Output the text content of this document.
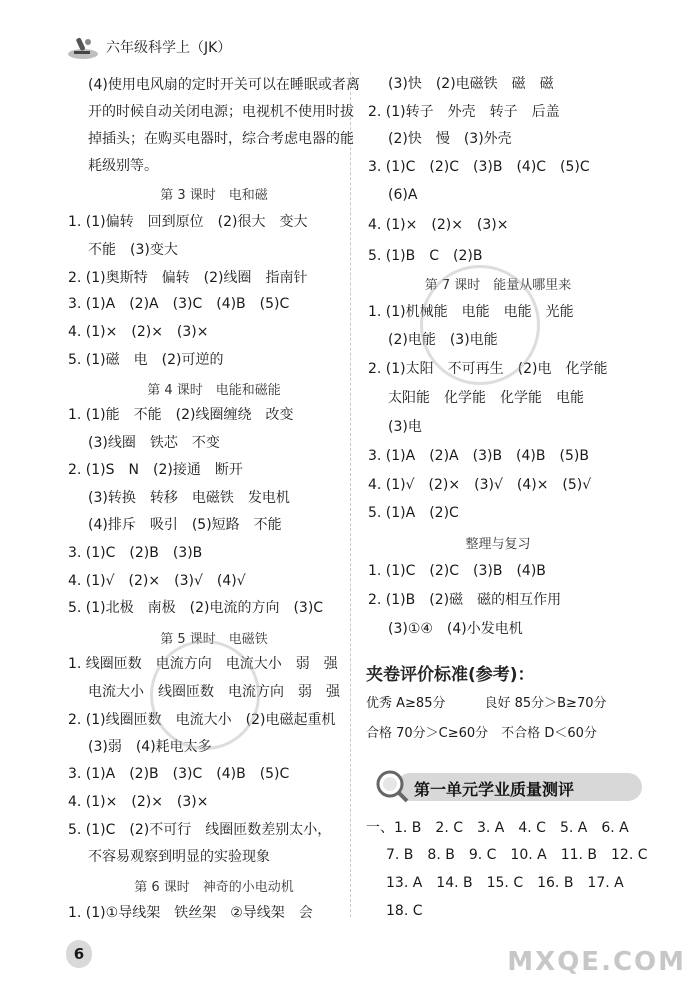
六年级科学上（JK）
(4)使用电风扇的定时开关可以在睡眠或者离开的时候自动关闭电源；电视机不使用时拔掉插头；在购买电器时，综合考虑电器的能耗级别等。
第 3 课时　电和磁
1. (1)偏转　回到原位　(2)很大　变大
不能　(3)变大
2. (1)奥斯特　偏转　(2)线圈　指南针
3. (1)A　(2)A　(3)C　(4)B　(5)C
4. (1)×　(2)×　(3)×
5. (1)磁　电　(2)可逆的
第 4 课时　电能和磁能
1. (1)能　不能　(2)线圈缠绕　改变
(3)线圈　铁芯　不变
2. (1)S　N　(2)接通　断开
(3)转换　转移　电磁铁　发电机
(4)排斥　吸引　(5)短路　不能
3. (1)C　(2)B　(3)B
4. (1)√　(2)×　(3)√　(4)√
5. (1)北极　南极　(2)电流的方向　(3)C
第 5 课时　电磁铁
1. 线圈匝数　电流方向　电流大小　弱　强
电流大小　线圈匝数　电流方向　弱　强
2. (1)线圈匝数　电流大小　(2)电磁起重机
(3)弱　(4)耗电太多
3. (1)A　(2)B　(3)C　(4)B　(5)C
4. (1)×　(2)×　(3)×
5. (1)C　(2)不可行　线圈匝数差别太小，
不容易观察到明显的实验现象
第 6 课时　神奇的小电动机
1. (1)①导线架　铁丝架　②导线架　会
(3)快　(2)电磁铁　磁　磁
2. (1)转子　外壳　转子　后盖
(2)快　慢　(3)外壳
3. (1)C　(2)C　(3)B　(4)C　(5)C
(6)A
4. (1)×　(2)×　(3)×
5. (1)B　C　(2)B
第 7 课时　能量从哪里来
1. (1)机械能　电能　电能　光能
(2)电能　(3)电能
2. (1)太阳　不可再生　(2)电　化学能
太阳能　化学能　化学能　电能
(3)电
3. (1)A　(2)A　(3)B　(4)B　(5)B
4. (1)√　(2)×　(3)√　(4)×　(5)√
5. (1)A　(2)C
整理与复习
1. (1)C　(2)C　(3)B　(4)B
2. (1)B　(2)磁　磁的相互作用
(3)①④　(4)小发电机
夹卷评价标准(参考)：
优秀 A≥85分　　　良好 85分＞B≥70分
合格 70分＞C≥60分　不合格 D＜60分
第一单元学业质量测评
一、1. B　2. C　3. A　4. C　5. A　6. A
7. B　8. B　9. C　10. A　11. B　12. C
13. A　14. B　15. C　16. B　17. A
18. C
6	MXQE.COM
